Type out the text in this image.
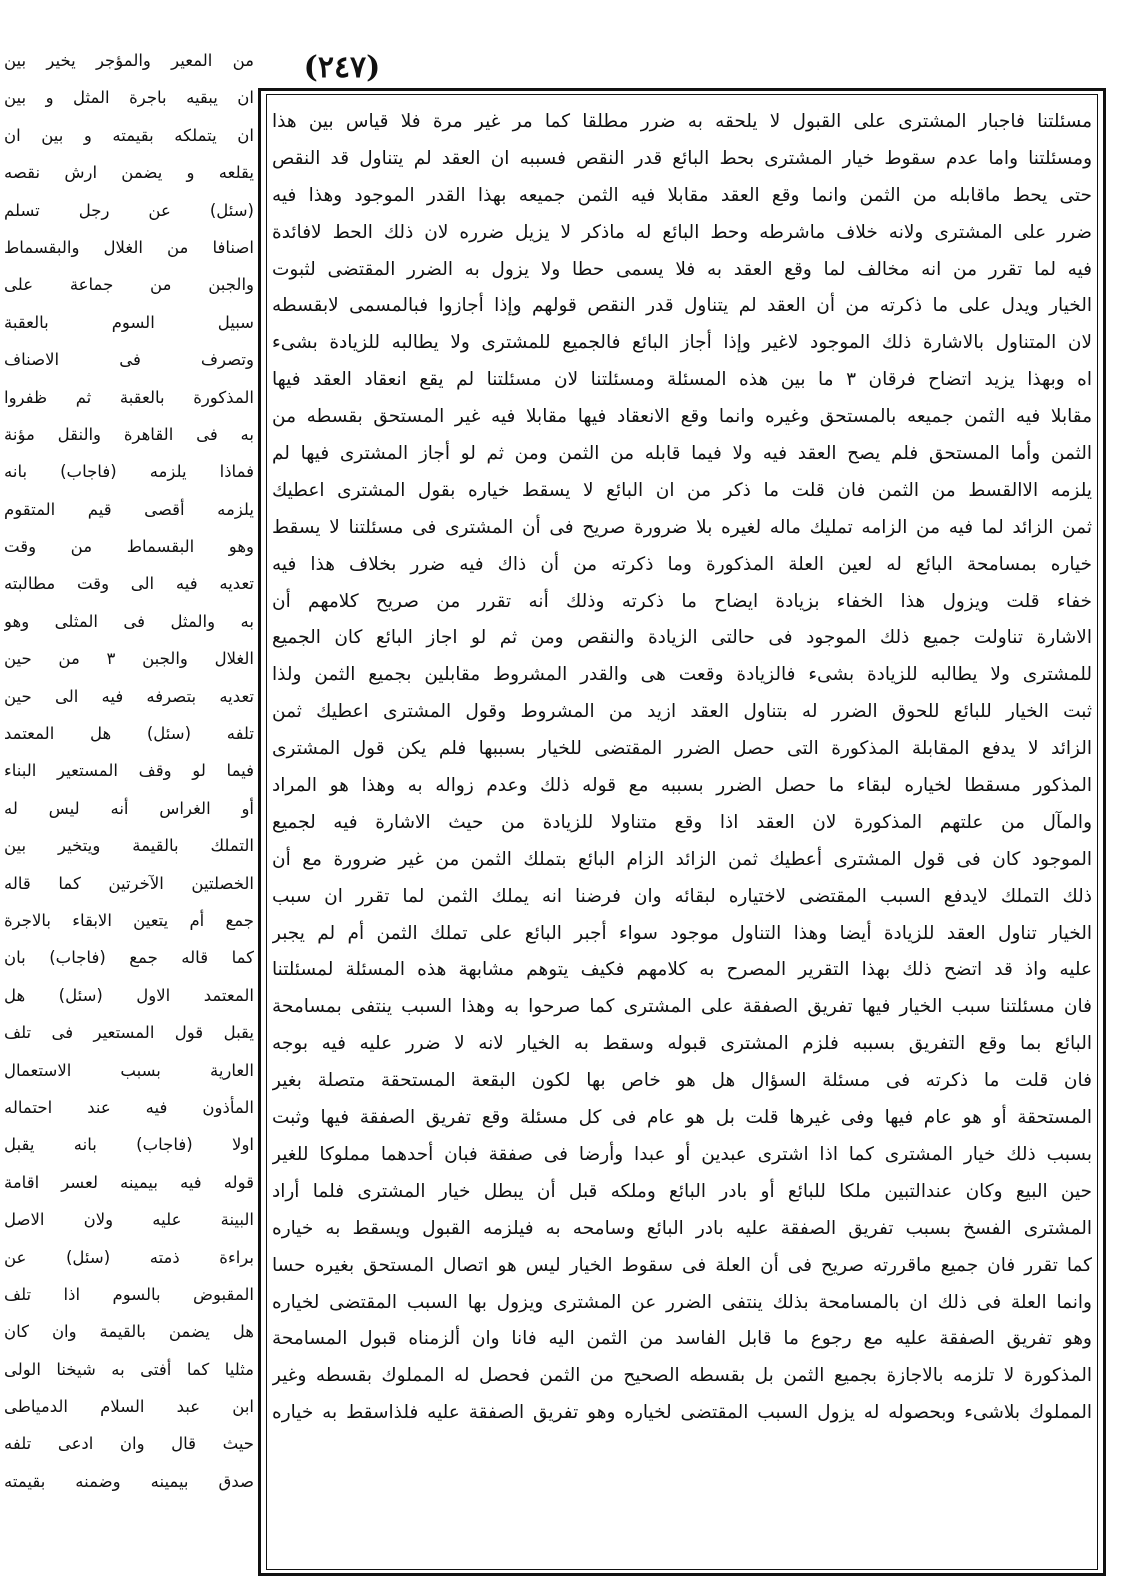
(٢٤٧)
مسئلتنا فاجبار المشترى على القبول لا يلحقه به ضرر مطلقا كما مر غير مرة فلا قياس بين هذا
ومسئلتنا واما عدم سقوط خيار المشترى بحط البائع قدر النقص فسببه ان العقد لم يتناول قد النقص
حتى يحط ماقابله من الثمن وانما وقع العقد مقابلا فيه الثمن جميعه بهذا القدر الموجود وهذا فيه
ضرر على المشترى ولانه خلاف ماشرطه وحط البائع له ماذكر لا يزيل ضرره لان ذلك الحط لافائدة
فيه لما تقرر من انه مخالف لما وقع العقد به فلا يسمى حطا ولا يزول به الضرر المقتضى لثبوت
الخيار ويدل على ما ذكرته من أن العقد لم يتناول قدر النقص قولهم وإذا أجازوا فبالمسمى لابقسطه
لان المتناول بالاشارة ذلك الموجود لاغير وإذا أجاز البائع فالجميع للمشترى ولا يطالبه للزيادة بشىء
اه وبهذا يزيد اتضاح فرقان ٣ ما بين هذه المسئلة ومسئلتنا لان مسئلتنا لم يقع انعقاد العقد فيها
مقابلا فيه الثمن جميعه بالمستحق وغيره وانما وقع الانعقاد فيها مقابلا فيه غير المستحق بقسطه من
الثمن وأما المستحق فلم يصح العقد فيه ولا فيما قابله من الثمن ومن ثم لو أجاز المشترى فيها لم
يلزمه الاالقسط من الثمن فان قلت ما ذكر من ان البائع لا يسقط خياره بقول المشترى اعطيك
ثمن الزائد لما فيه من الزامه تمليك ماله لغيره بلا ضرورة صريح فى أن المشترى فى مسئلتنا لا يسقط
خياره بمسامحة البائع له لعين العلة المذكورة وما ذكرته من أن ذاك فيه ضرر بخلاف هذا فيه
خفاء قلت ويزول هذا الخفاء بزيادة ايضاح ما ذكرته وذلك أنه تقرر من صريح كلامهم أن
الاشارة تناولت جميع ذلك الموجود فى حالتى الزيادة والنقص ومن ثم لو اجاز البائع كان الجميع
للمشترى ولا يطالبه للزيادة بشىء فالزيادة وقعت هى والقدر المشروط مقابلين بجميع الثمن ولذا
ثبت الخيار للبائع للحوق الضرر له بتناول العقد ازيد من المشروط وقول المشترى اعطيك ثمن
الزائد لا يدفع المقابلة المذكورة التى حصل الضرر المقتضى للخيار بسببها فلم يكن قول المشترى
المذكور مسقطا لخياره لبقاء ما حصل الضرر بسببه مع قوله ذلك وعدم زواله به وهذا هو المراد
والمآل من علتهم المذكورة لان العقد اذا وقع متناولا للزيادة من حيث الاشارة فيه لجميع
الموجود كان فى قول المشترى أعطيك ثمن الزائد الزام البائع بتملك الثمن من غير ضرورة مع أن
ذلك التملك لايدفع السبب المقتضى لاختياره لبقائه وان فرضنا انه يملك الثمن لما تقرر ان سبب
الخيار تناول العقد للزيادة أيضا وهذا التناول موجود سواء أجبر البائع على تملك الثمن أم لم يجبر
عليه واذ قد اتضح ذلك بهذا التقرير المصرح به كلامهم فكيف يتوهم مشابهة هذه المسئلة لمسئلتنا
فان مسئلتنا سبب الخيار فيها تفريق الصفقة على المشترى كما صرحوا به وهذا السبب ينتفى بمسامحة
البائع بما وقع التفريق بسببه فلزم المشترى قبوله وسقط به الخيار لانه لا ضرر عليه فيه بوجه
فان قلت ما ذكرته فى مسئلة السؤال هل هو خاص بها لكون البقعة المستحقة متصلة بغير
المستحقة أو هو عام فيها وفى غيرها قلت بل هو عام فى كل مسئلة وقع تفريق الصفقة فيها وثبت
بسبب ذلك خيار المشترى كما اذا اشترى عبدين أو عبدا وأرضا فى صفقة فبان أحدهما مملوكا للغير
حين البيع وكان عندالتبين ملكا للبائع أو بادر البائع وملكه قبل أن يبطل خيار المشترى فلما أراد
المشترى الفسخ بسبب تفريق الصفقة عليه بادر البائع وسامحه به فيلزمه القبول ويسقط به خياره
كما تقرر فان جميع ماقررته صريح فى أن العلة فى سقوط الخيار ليس هو اتصال المستحق بغيره حسا
وانما العلة فى ذلك ان بالمسامحة بذلك ينتفى الضرر عن المشترى ويزول بها السبب المقتضى لخياره
وهو تفريق الصفقة عليه مع رجوع ما قابل الفاسد من الثمن اليه فانا وان ألزمناه قبول المسامحة
المذكورة لا تلزمه بالاجازة بجميع الثمن بل بقسطه الصحيح من الثمن فحصل له المملوك بقسطه وغير
المملوك بلاشىء وبحصوله له يزول السبب المقتضى لخياره وهو تفريق الصفقة عليه فلذاسقط به خياره
من المعير والمؤجر يخير بين
ان يبقيه باجرة المثل و بين
ان يتملكه بقيمته و بين ان
يقلعه و يضمن ارش نقصه
(سئل) عن رجل تسلم
اصنافا من الغلال والبقسماط
والجبن من جماعة على
سبيل السوم بالعقبة
وتصرف فى الاصناف
المذكورة بالعقبة ثم ظفروا
به فى القاهرة والنقل مؤنة
فماذا يلزمه (فاجاب) بانه
يلزمه أقصى قيم المتقوم
وهو البقسماط من وقت
تعديه فيه الى وقت مطالبته
به والمثل فى المثلى وهو
الغلال والجبن ٣ من حين
تعديه بتصرفه فيه الى حين
تلفه (سئل) هل المعتمد
فيما لو وقف المستعير البناء
أو الغراس أنه ليس له
التملك بالقيمة ويتخير بين
الخصلتين الآخرتين كما قاله
جمع أم يتعين الابقاء بالاجرة
كما قاله جمع (فاجاب) بان
المعتمد الاول (سئل) هل
يقبل قول المستعير فى تلف
العارية بسبب الاستعمال
المأذون فيه عند احتماله
اولا (فاجاب) بانه يقبل
قوله فيه بيمينه لعسر اقامة
البينة عليه ولان الاصل
براءة ذمته (سئل) عن
المقبوض بالسوم اذا تلف
هل يضمن بالقيمة وان كان
مثليا كما أفتى به شيخنا الولى
ابن عبد السلام الدمياطى
حيث قال وان ادعى تلفه
صدق بيمينه وضمنه بقيمته
